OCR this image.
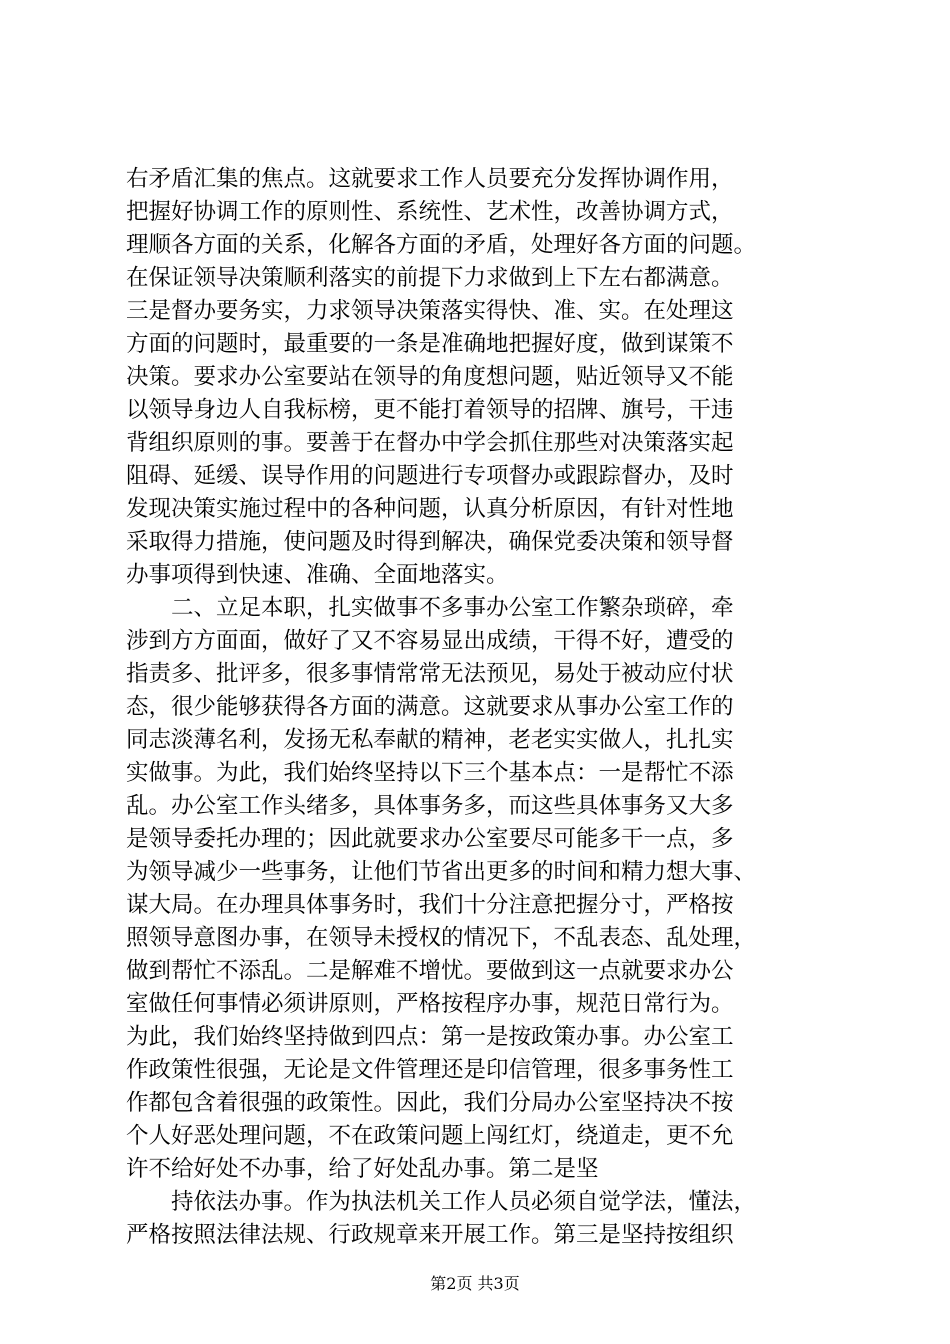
右矛盾汇集的焦点。这就要求工作人员要充分发挥协调作用，
把握好协调工作的原则性、系统性、艺术性，改善协调方式，
理顺各方面的关系，化解各方面的矛盾，处理好各方面的问题。
在保证领导决策顺利落实的前提下力求做到上下左右都满意。
三是督办要务实，力求领导决策落实得快、准、实。在处理这
方面的问题时，最重要的一条是准确地把握好度，做到谋策不
决策。要求办公室要站在领导的角度想问题，贴近领导又不能
以领导身边人自我标榜，更不能打着领导的招牌、旗号，干违
背组织原则的事。要善于在督办中学会抓住那些对决策落实起
阻碍、延缓、误导作用的问题进行专项督办或跟踪督办，及时
发现决策实施过程中的各种问题，认真分析原因，有针对性地
采取得力措施，使问题及时得到解决，确保党委决策和领导督
办事项得到快速、准确、全面地落实。
　　二、立足本职，扎实做事不多事办公室工作繁杂琐碎，牵
涉到方方面面，做好了又不容易显出成绩，干得不好，遭受的
指责多、批评多，很多事情常常无法预见，易处于被动应付状
态，很少能够获得各方面的满意。这就要求从事办公室工作的
同志淡薄名利，发扬无私奉献的精神，老老实实做人，扎扎实
实做事。为此，我们始终坚持以下三个基本点：一是帮忙不添
乱。办公室工作头绪多，具体事务多，而这些具体事务又大多
是领导委托办理的；因此就要求办公室要尽可能多干一点，多
为领导减少一些事务，让他们节省出更多的时间和精力想大事、
谋大局。在办理具体事务时，我们十分注意把握分寸，严格按
照领导意图办事，在领导未授权的情况下，不乱表态、乱处理，
做到帮忙不添乱。二是解难不增忧。要做到这一点就要求办公
室做任何事情必须讲原则，严格按程序办事，规范日常行为。
为此，我们始终坚持做到四点：第一是按政策办事。办公室工
作政策性很强，无论是文件管理还是印信管理，很多事务性工
作都包含着很强的政策性。因此，我们分局办公室坚持决不按
个人好恶处理问题，不在政策问题上闯红灯，绕道走，更不允
许不给好处不办事，给了好处乱办事。第二是坚
　　持依法办事。作为执法机关工作人员必须自觉学法，懂法，
严格按照法律法规、行政规章来开展工作。第三是坚持按组织
第2页 共3页
